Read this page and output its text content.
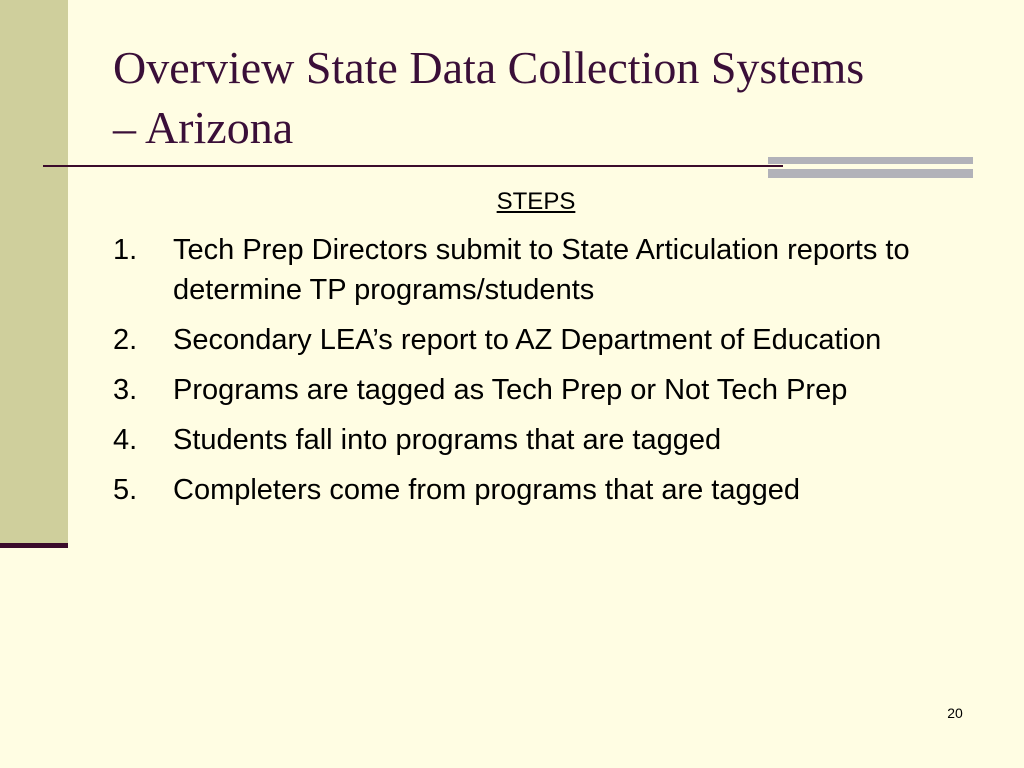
Overview State Data Collection Systems – Arizona
STEPS
1.	Tech Prep Directors submit to State Articulation reports to determine TP programs/students
2.	Secondary LEA’s report to AZ Department of Education
3.	Programs are tagged as Tech Prep or Not Tech Prep
4.	Students fall into programs that are tagged
5.	Completers come from programs that are tagged
20
